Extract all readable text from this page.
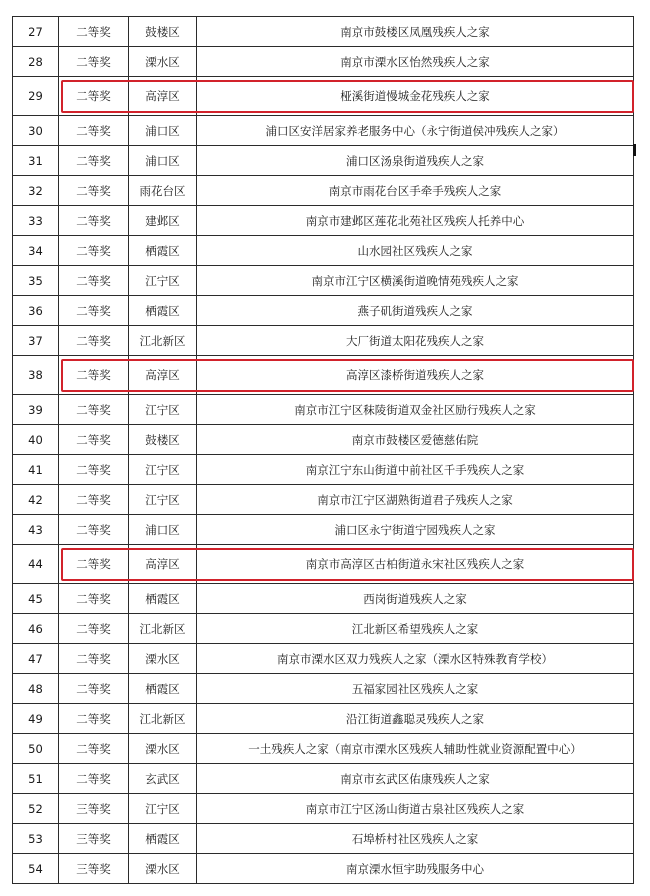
27	二等奖	鼓楼区	南京市鼓楼区凤凰残疾人之家
28	二等奖	溧水区	南京市溧水区怡然残疾人之家
29	二等奖	高淳区	桠溪街道慢城金花残疾人之家
30	二等奖	浦口区	浦口区安洋居家养老服务中心（永宁街道侯冲残疾人之家）
31	二等奖	浦口区	浦口区汤泉街道残疾人之家
32	二等奖	雨花台区	南京市雨花台区手牵手残疾人之家
33	二等奖	建邺区	南京市建邺区莲花北苑社区残疾人托养中心
34	二等奖	栖霞区	山水园社区残疾人之家
35	二等奖	江宁区	南京市江宁区横溪街道晚情苑残疾人之家
36	二等奖	栖霞区	燕子矶街道残疾人之家
37	二等奖	江北新区	大厂街道太阳花残疾人之家
38	二等奖	高淳区	高淳区漆桥街道残疾人之家
39	二等奖	江宁区	南京市江宁区秣陵街道双金社区励行残疾人之家
40	二等奖	鼓楼区	南京市鼓楼区爱德慈佑院
41	二等奖	江宁区	南京江宁东山街道中前社区千手残疾人之家
42	二等奖	江宁区	南京市江宁区湖熟街道君子残疾人之家
43	二等奖	浦口区	浦口区永宁街道宁园残疾人之家
44	二等奖	高淳区	南京市高淳区古柏街道永宋社区残疾人之家
45	二等奖	栖霞区	西岗街道残疾人之家
46	二等奖	江北新区	江北新区希望残疾人之家
47	二等奖	溧水区	南京市溧水区双力残疾人之家（溧水区特殊教育学校）
48	二等奖	栖霞区	五福家园社区残疾人之家
49	二等奖	江北新区	沿江街道鑫聪灵残疾人之家
50	二等奖	溧水区	一土残疾人之家（南京市溧水区残疾人辅助性就业资源配置中心）
51	二等奖	玄武区	南京市玄武区佑康残疾人之家
52	三等奖	江宁区	南京市江宁区汤山街道古泉社区残疾人之家
53	三等奖	栖霞区	石埠桥村社区残疾人之家
54	三等奖	溧水区	南京溧水恒宇助残服务中心
